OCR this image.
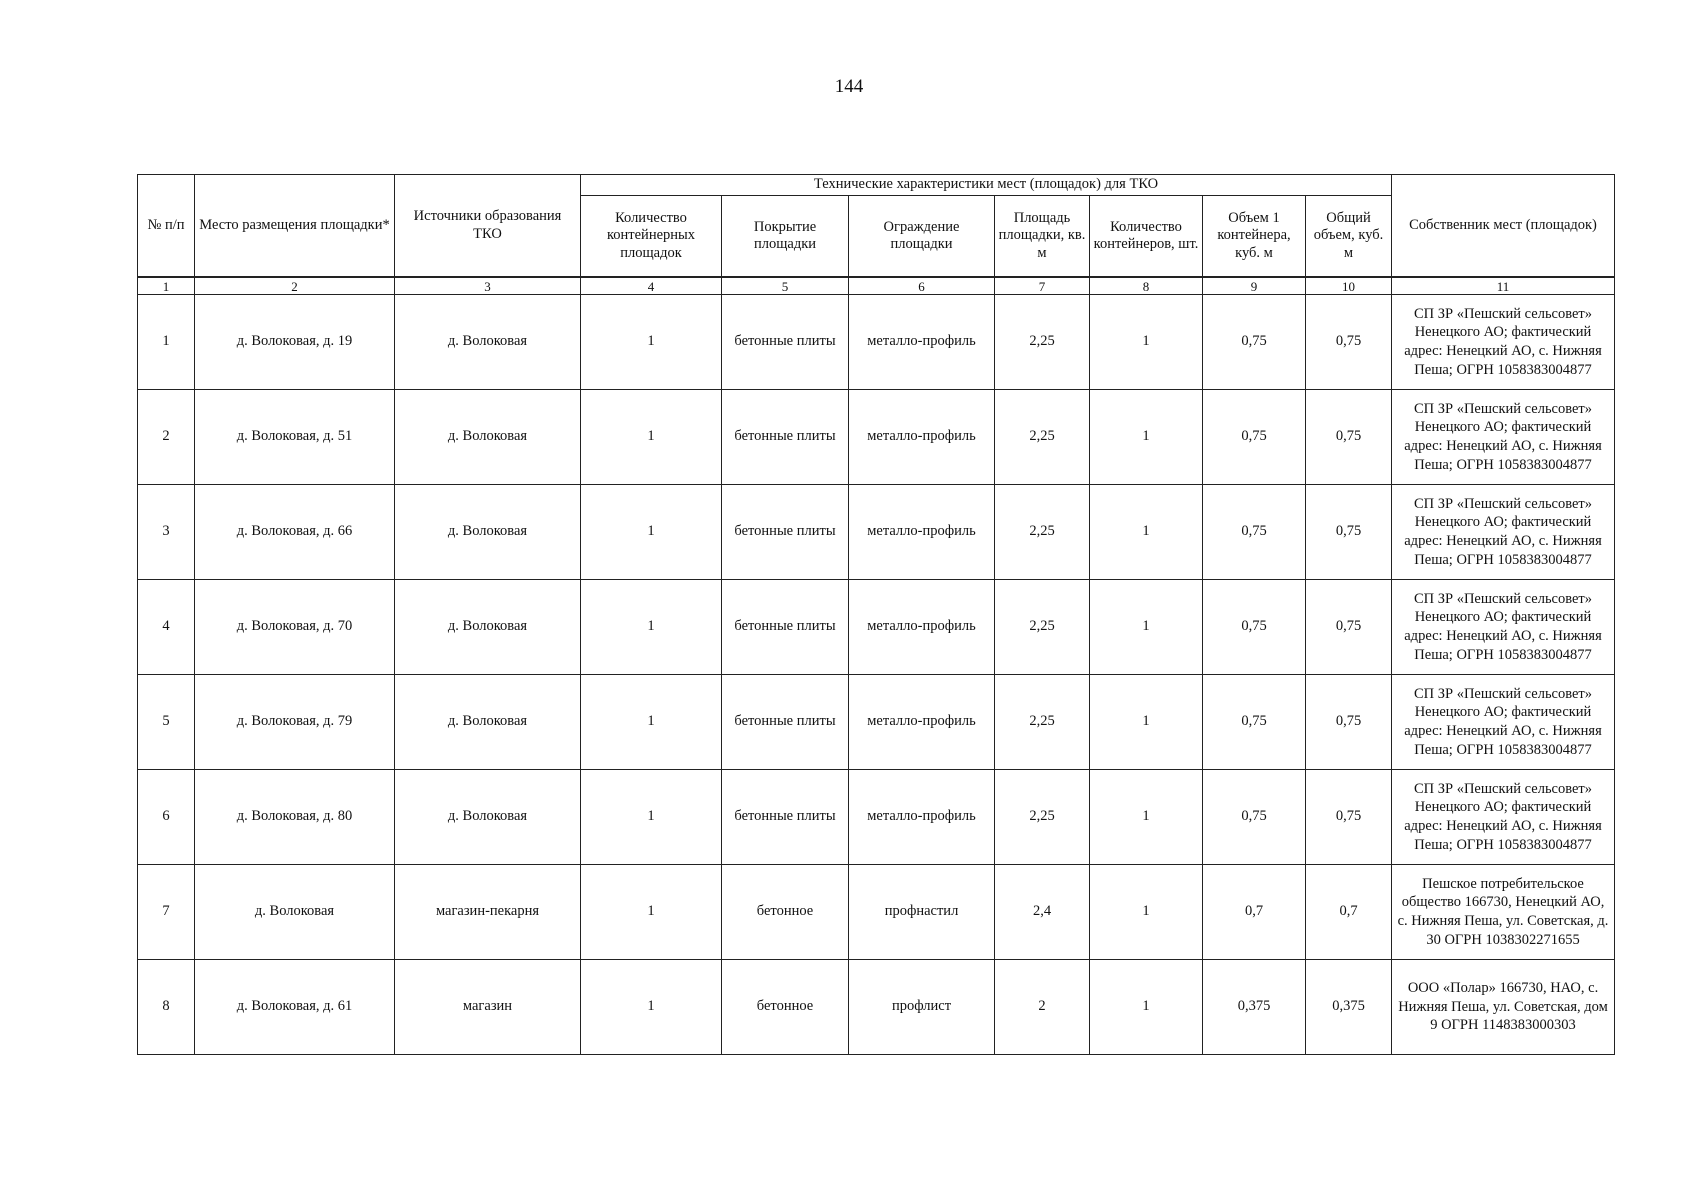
144
№ п/п	Место размещения площадки*	Источники образования ТКО	Технические характеристики мест (площадок) для ТКО							Собственник мест (площадок)
			Количество контейнерных площадок	Покрытие площадки	Ограждение площадки	Площадь площадки, кв. м	Количество контейнеров, шт.	Объем 1 контейнера, куб. м	Общий объем, куб. м	
1	2	3	4	5	6	7	8	9	10	11
1	д. Волоковая, д. 19	д. Волоковая	1	бетонные плиты	металло-профиль	2,25	1	0,75	0,75	СП ЗР «Пешский сельсовет» Ненецкого АО; фактический адрес: Ненецкий АО, с. Нижняя Пеша; ОГРН 1058383004877
2	д. Волоковая, д. 51	д. Волоковая	1	бетонные плиты	металло-профиль	2,25	1	0,75	0,75	СП ЗР «Пешский сельсовет» Ненецкого АО; фактический адрес: Ненецкий АО, с. Нижняя Пеша; ОГРН 1058383004877
3	д. Волоковая, д. 66	д. Волоковая	1	бетонные плиты	металло-профиль	2,25	1	0,75	0,75	СП ЗР «Пешский сельсовет» Ненецкого АО; фактический адрес: Ненецкий АО, с. Нижняя Пеша; ОГРН 1058383004877
4	д. Волоковая, д. 70	д. Волоковая	1	бетонные плиты	металло-профиль	2,25	1	0,75	0,75	СП ЗР «Пешский сельсовет» Ненецкого АО; фактический адрес: Ненецкий АО, с. Нижняя Пеша; ОГРН 1058383004877
5	д. Волоковая, д. 79	д. Волоковая	1	бетонные плиты	металло-профиль	2,25	1	0,75	0,75	СП ЗР «Пешский сельсовет» Ненецкого АО; фактический адрес: Ненецкий АО, с. Нижняя Пеша; ОГРН 1058383004877
6	д. Волоковая, д. 80	д. Волоковая	1	бетонные плиты	металло-профиль	2,25	1	0,75	0,75	СП ЗР «Пешский сельсовет» Ненецкого АО; фактический адрес: Ненецкий АО, с. Нижняя Пеша; ОГРН 1058383004877
7	д. Волоковая	магазин-пекарня	1	бетонное	профнастил	2,4	1	0,7	0,7	Пешское потребительское общество 166730, Ненецкий АО, с. Нижняя Пеша, ул. Советская, д. 30 ОГРН 1038302271655
8	д. Волоковая, д. 61	магазин	1	бетонное	профлист	2	1	0,375	0,375	ООО «Полар» 166730, НАО, с. Нижняя Пеша, ул. Советская, дом 9 ОГРН 1148383000303
